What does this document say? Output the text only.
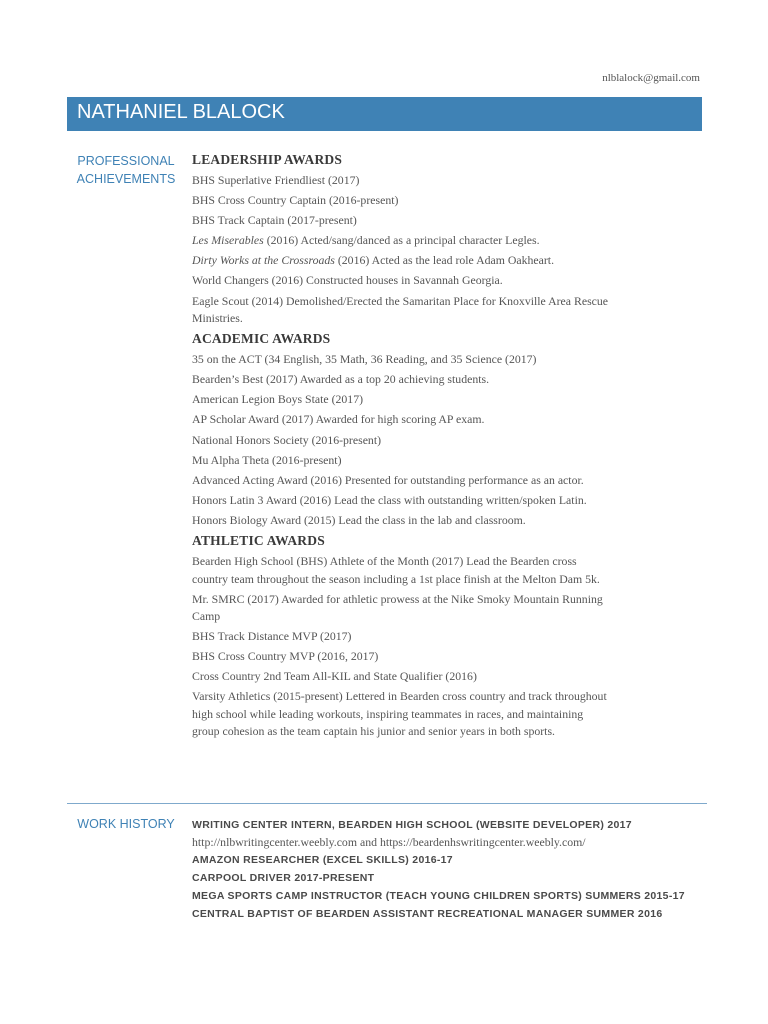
nlblalock@gmail.com
NATHANIEL BLALOCK
PROFESSIONAL
ACHIEVEMENTS
LEADERSHIP AWARDS
BHS Superlative Friendliest (2017)
BHS Cross Country Captain (2016-present)
BHS Track Captain (2017-present)
Les Miserables (2016) Acted/sang/danced as a principal character Legles.
Dirty Works at the Crossroads (2016) Acted as the lead role Adam Oakheart.
World Changers (2016) Constructed houses in Savannah Georgia.
Eagle Scout (2014) Demolished/Erected the Samaritan Place for Knoxville Area Rescue Ministries.
ACADEMIC AWARDS
35 on the ACT (34 English, 35 Math, 36 Reading, and 35 Science (2017)
Bearden’s Best (2017) Awarded as a top 20 achieving students.
American Legion Boys State (2017)
AP Scholar Award (2017) Awarded for high scoring AP exam.
National Honors Society (2016-present)
Mu Alpha Theta (2016-present)
Advanced Acting Award (2016) Presented for outstanding performance as an actor.
Honors Latin 3 Award (2016) Lead the class with outstanding written/spoken Latin.
Honors Biology Award (2015) Lead the class in the lab and classroom.
ATHLETIC AWARDS
Bearden High School (BHS) Athlete of the Month (2017) Lead the Bearden cross country team throughout the season including a 1st place finish at the Melton Dam 5k.
Mr. SMRC (2017) Awarded for athletic prowess at the Nike Smoky Mountain Running Camp
BHS Track Distance MVP (2017)
BHS Cross Country MVP (2016, 2017)
Cross Country 2nd Team All-KIL and State Qualifier (2016)
Varsity Athletics (2015-present) Lettered in Bearden cross country and track throughout high school while leading workouts, inspiring teammates in races, and maintaining group cohesion as the team captain his junior and senior years in both sports.
WORK HISTORY	WRITING CENTER INTERN, BEARDEN HIGH SCHOOL (WEBSITE DEVELOPER) 2017
http://nlbwritingcenter.weebly.com and https://beardenhswritingcenter.weebly.com/
AMAZON RESEARCHER (EXCEL SKILLS) 2016-17
CARPOOL DRIVER 2017-PRESENT
MEGA SPORTS CAMP INSTRUCTOR (TEACH YOUNG CHILDREN SPORTS) SUMMERS 2015-17
CENTRAL BAPTIST OF BEARDEN ASSISTANT RECREATIONAL MANAGER SUMMER 2016
